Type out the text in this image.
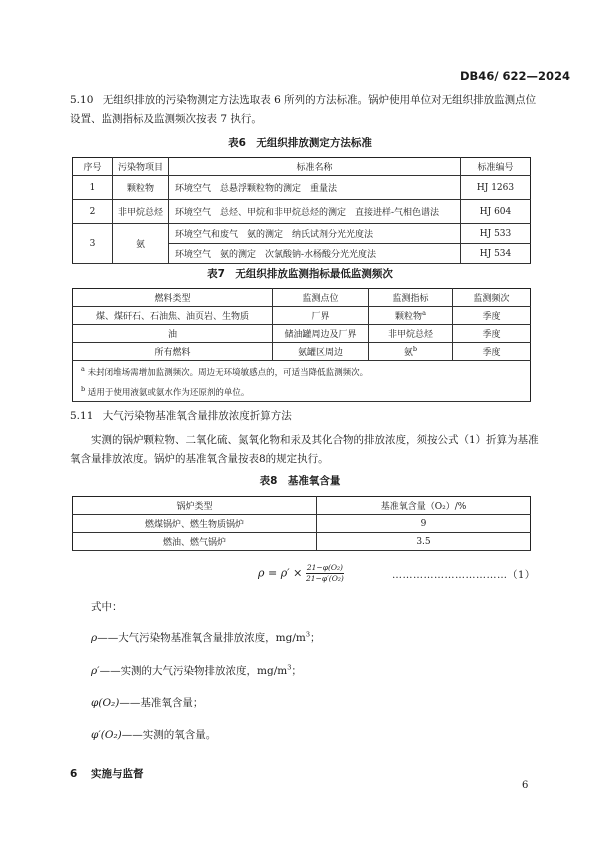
DB46/ 622—2024
5.10 无组织排放的污染物测定方法选取表 6 所列的方法标准。锅炉使用单位对无组织排放监测点位
设置、监测指标及监测频次按表 7 执行。
表6　无组织排放测定方法标准
序号	污染物项目	标准名称	标准编号
1	颗粒物	环境空气　总悬浮颗粒物的测定　重量法	HJ 1263
2	非甲烷总烃	环境空气　总烃、甲烷和非甲烷总烃的测定　直接进样-气相色谱法	HJ 604
3	氨	环境空气和废气　氨的测定　纳氏试剂分光光度法	HJ 533
		环境空气　氨的测定　次氯酸钠-水杨酸分光光度法	HJ 534
表7　无组织排放监测指标最低监测频次
燃料类型	监测点位	监测指标	监测频次
煤、煤矸石、石油焦、油页岩、生物质	厂界	颗粒物$^a$	季度
油	储油罐周边及厂界	非甲烷总烃	季度
所有燃料	氨罐区周边	氨$^b$	季度

$^a$ 未封闭堆场需增加监测频次。周边无环境敏感点的，可适当降低监测频次。
$^b$ 适用于使用液氨或氨水作为还原剂的单位。			
5.11 大气污染物基准氧含量排放浓度折算方法
实测的锅炉颗粒物、二氧化硫、氮氧化物和汞及其化合物的排放浓度，须按公式（1）折算为基准
氧含量排放浓度。锅炉的基准氧含量按表8的规定执行。
表8　基准氧含量
锅炉类型	基准氧含量（O₂）/%
燃煤锅炉、燃生物质锅炉	9
燃油、燃气锅炉	3.5
$\rho = \rho' \times \frac{\text{21−φ(O₂)}}{\text{21−φ′(O₂)}}$	……………………………（1）
式中：
ρ——大气污染物基准氧含量排放浓度，$mg/m^3$；
ρ′——实测的大气污染物排放浓度，$mg/m^3$；
φ(O₂)——基准氧含量；
φ′(O₂)——实测的氧含量。
6 实施与监督
6
